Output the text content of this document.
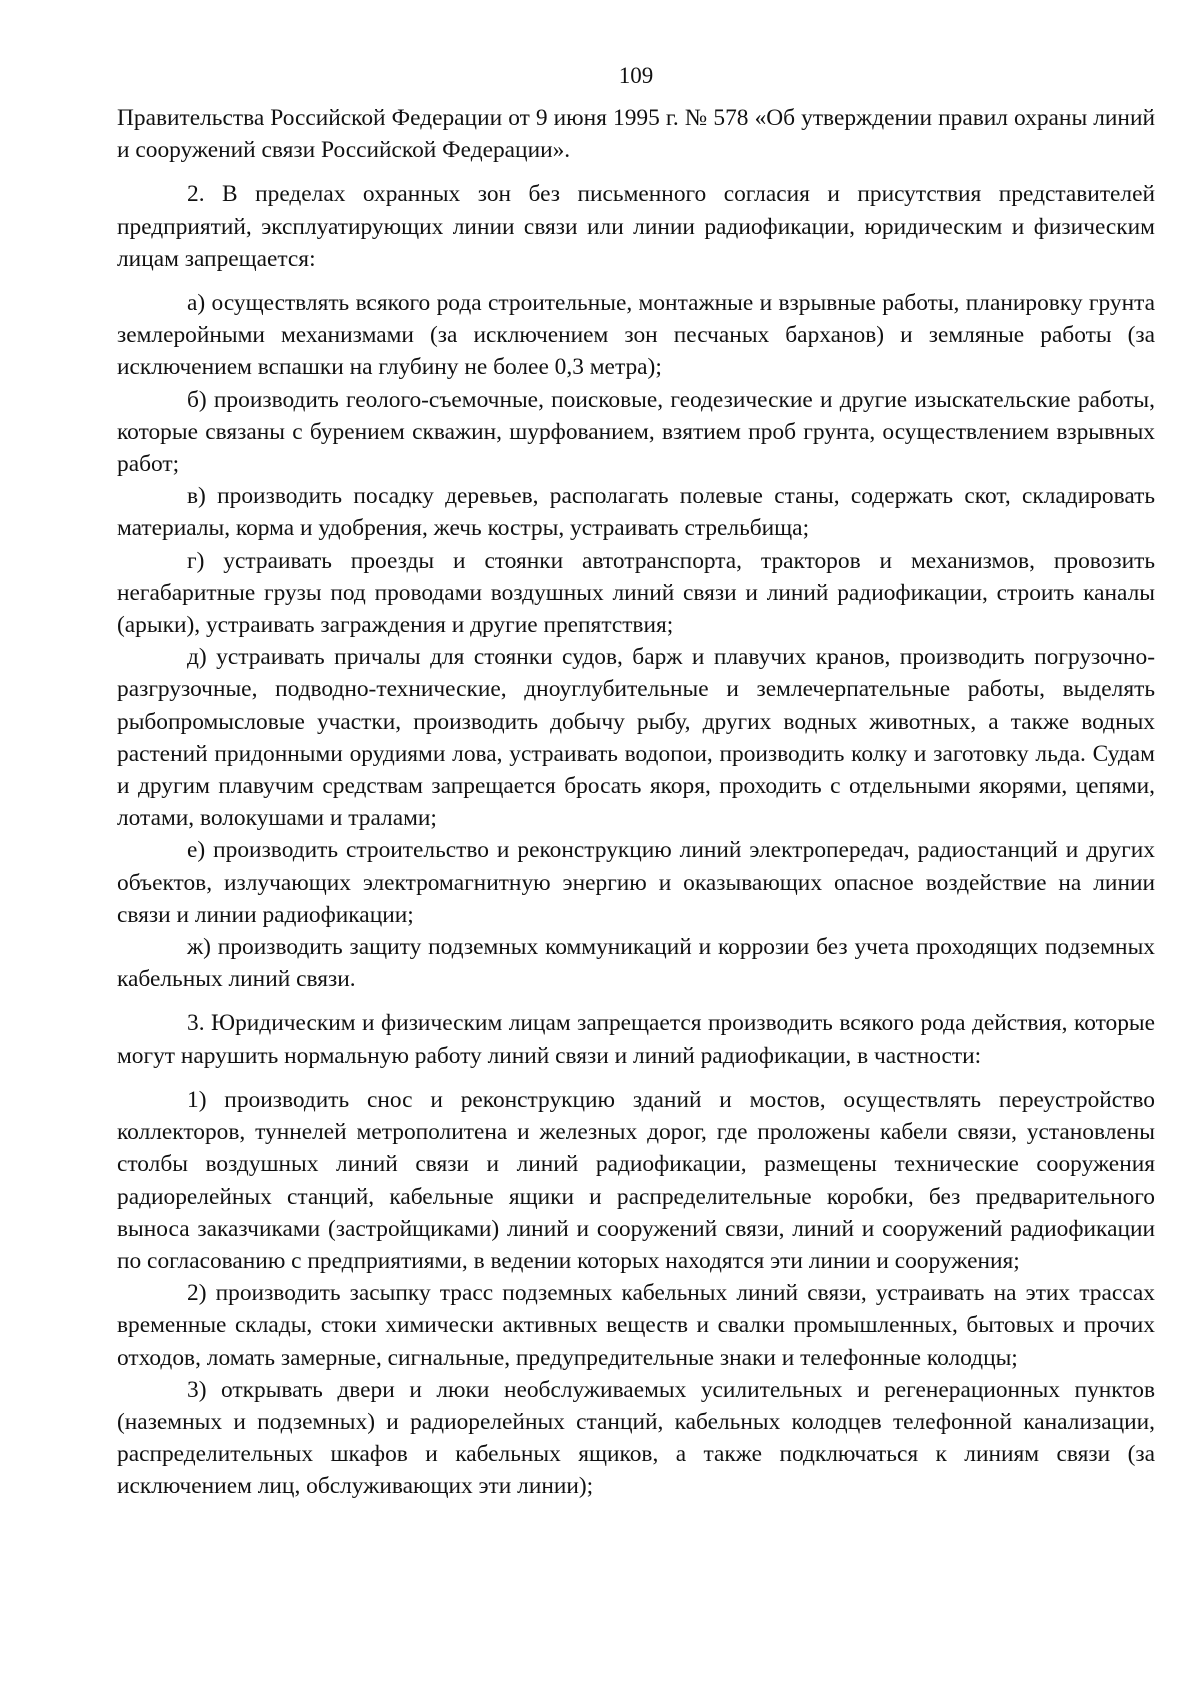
109

Правительства Российской Федерации от 9 июня 1995 г. № 578 «Об утверждении правил охраны линий и сооружений связи Российской Федерации».

2. В пределах охранных зон без письменного согласия и присутствия представителей предприятий, эксплуатирующих линии связи или линии радиофикации, юридическим и физическим лицам запрещается:

а) осуществлять всякого рода строительные, монтажные и взрывные работы, планировку грунта землеройными механизмами (за исключением зон песчаных барханов) и земляные работы (за исключением вспашки на глубину не более 0,3 метра);

б) производить геолого-съемочные, поисковые, геодезические и другие изыскательские работы, которые связаны с бурением скважин, шурфованием, взятием проб грунта, осуществлением взрывных работ;

в) производить посадку деревьев, располагать полевые станы, содержать скот, складировать материалы, корма и удобрения, жечь костры, устраивать стрельбища;

г) устраивать проезды и стоянки автотранспорта, тракторов и механизмов, провозить негабаритные грузы под проводами воздушных линий связи и линий радиофикации, строить каналы (арыки), устраивать заграждения и другие препятствия;

д) устраивать причалы для стоянки судов, барж и плавучих кранов, производить погрузочно-разгрузочные, подводно-технические, дноуглубительные и землечерпательные работы, выделять рыбопромысловые участки, производить добычу рыбу, других водных животных, а также водных растений придонными орудиями лова, устраивать водопои, производить колку и заготовку льда. Судам и другим плавучим средствам запрещается бросать якоря, проходить с отдельными якорями, цепями, лотами, волокушами и тралами;

е) производить строительство и реконструкцию линий электропередач, радиостанций и других объектов, излучающих электромагнитную энергию и оказывающих опасное воздействие на линии связи и линии радиофикации;

ж) производить защиту подземных коммуникаций и коррозии без учета проходящих подземных кабельных линий связи.

3. Юридическим и физическим лицам запрещается производить всякого рода действия, которые могут нарушить нормальную работу линий связи и линий радиофикации, в частности:

1) производить снос и реконструкцию зданий и мостов, осуществлять переустройство коллекторов, туннелей метрополитена и железных дорог, где проложены кабели связи, установлены столбы воздушных линий связи и линий радиофикации, размещены технические сооружения радиорелейных станций, кабельные ящики и распределительные коробки, без предварительного выноса заказчиками (застройщиками) линий и сооружений связи, линий и сооружений радиофикации по согласованию с предприятиями, в ведении которых находятся эти линии и сооружения;

2) производить засыпку трасс подземных кабельных линий связи, устраивать на этих трассах временные склады, стоки химически активных веществ и свалки промышленных, бытовых и прочих отходов, ломать замерные, сигнальные, предупредительные знаки и телефонные колодцы;

3) открывать двери и люки необслуживаемых усилительных и регенерационных пунктов (наземных и подземных) и радиорелейных станций, кабельных колодцев телефонной канализации, распределительных шкафов и кабельных ящиков, а также подключаться к линиям связи (за исключением лиц, обслуживающих эти линии);
